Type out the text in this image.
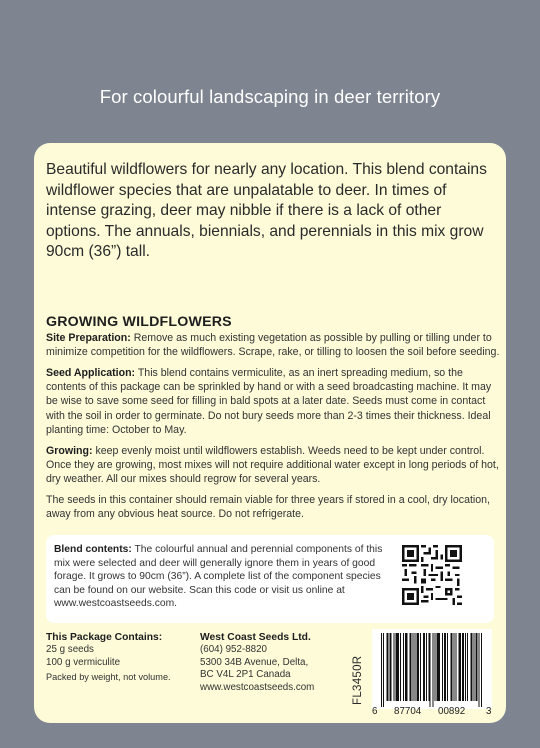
For colourful landscaping in deer territory
Beautiful wildflowers for nearly any location. This blend contains wildflower species that are unpalatable to deer. In times of intense grazing, deer may nibble if there is a lack of other options. The annuals, biennials, and perennials in this mix grow 90cm (36”) tall.
GROWING WILDFLOWERS

Site Preparation: Remove as much existing vegetation as possible by pulling or tilling under to minimize competition for the wildflowers. Scrape, rake, or tilling to loosen the soil before seeding.

Seed Application: This blend contains vermiculite, as an inert spreading medium, so the contents of this package can be sprinkled by hand or with a seed broadcasting machine. It may be wise to save some seed for filling in bald spots at a later date. Seeds must come in contact with the soil in order to germinate. Do not bury seeds more than 2-3 times their thickness. Ideal planting time: October to May.

Growing: keep evenly moist until wildflowers establish. Weeds need to be kept under control. Once they are growing, most mixes will not require additional water except in long periods of hot, dry weather. All our mixes should regrow for several years.

The seeds in this container should remain viable for three years if stored in a cool, dry location, away from any obvious heat source. Do not refrigerate.

Blend contents: The colourful annual and perennial components of this mix were selected and deer will generally ignore them in years of good forage. It grows to 90cm (36”). A complete list of the component species can be found on our website. Scan this code or visit us online at www.westcoastseeds.com.
This Package Contains:
25 g seeds
100 g vermiculite
Packed by weight, not volume.
West Coast Seeds Ltd.
(604) 952-8820
5300 34B Avenue, Delta,
BC V4L 2P1 Canada
www.westcoastseeds.com	FL3450R
6 87704 00892 3
